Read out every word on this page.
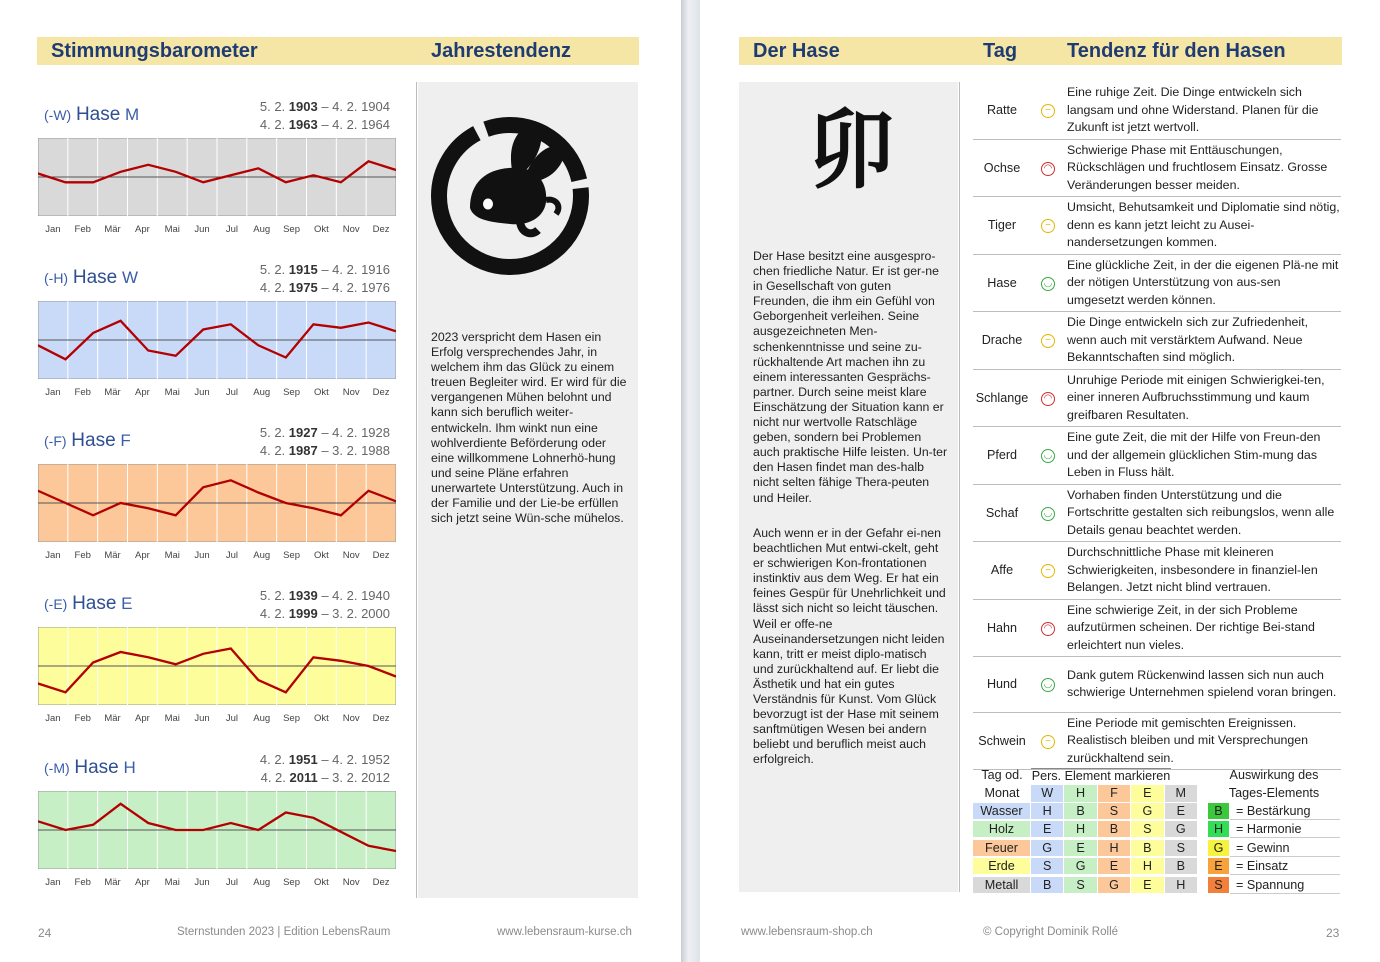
Stimmungsbarometer	Jahrestendenz
(-W) Hase M	5. 2. 1903 – 4. 2. 1904
4. 2. 1963 – 4. 2. 1964
Jan	Feb	Mär	Apr	Mai	Jun	Jul	Aug	Sep	Okt	Nov	Dez
(-H) Hase W	5. 2. 1915 – 4. 2. 1916
4. 2. 1975 – 4. 2. 1976
Jan	Feb	Mär	Apr	Mai	Jun	Jul	Aug	Sep	Okt	Nov	Dez
(-F) Hase F	5. 2. 1927 – 4. 2. 1928
4. 2. 1987 – 3. 2. 1988
Jan	Feb	Mär	Apr	Mai	Jun	Jul	Aug	Sep	Okt	Nov	Dez
(-E) Hase E	5. 2. 1939 – 4. 2. 1940
4. 2. 1999 – 3. 2. 2000
Jan	Feb	Mär	Apr	Mai	Jun	Jul	Aug	Sep	Okt	Nov	Dez
(-M) Hase H	4. 2. 1951 – 4. 2. 1952
4. 2. 2011 – 3. 2. 2012
Jan	Feb	Mär	Apr	Mai	Jun	Jul	Aug	Sep	Okt	Nov	Dez
2023 verspricht dem Hasen ein Erfolg versprechendes Jahr, in welchem ihm das Glück zu einem treuen Begleiter wird. Er wird für die vergangenen Mühen belohnt und kann sich beruflich weiter-entwickeln. Ihm winkt nun eine wohlverdiente Beförderung oder eine willkommene Lohnerhö-hung und seine Pläne erfahren unerwartete Unterstützung. Auch in der Familie und der Lie-be erfüllen sich jetzt seine Wün-sche mühelos.
24	Sternstunden 2023 | Edition LebensRaum	www.lebensraum-kurse.ch
Der Hase	Tag Tendenz für den Hasen
卯
Der Hase besitzt eine ausgespro-chen friedliche Natur. Er ist ger-ne in Gesellschaft von guten Freunden, die ihm ein Gefühl von Geborgenheit verleihen. Seine ausgezeichneten Men-schenkenntnisse und seine zu-rückhaltende Art machen ihn zu einem interessanten Gesprächs-partner. Durch seine meist klare Einschätzung der Situation kann er nicht nur wertvolle Ratschläge geben, sondern bei Problemen auch praktische Hilfe leisten. Un-ter den Hasen findet man des-halb nicht selten fähige Thera-peuten und Heiler.
Auch wenn er in der Gefahr ei-nen beachtlichen Mut entwi-ckelt, geht er schwierigen Kon-frontationen instinktiv aus dem Weg. Er hat ein feines Gespür für Unehrlichkeit und lässt sich nicht so leicht täuschen. Weil er offe-ne Auseinandersetzungen nicht leiden kann, tritt er meist diplo-matisch und zurückhaltend auf. Er liebt die Ästhetik und hat ein gutes Verständnis für Kunst. Vom Glück bevorzugt ist der Hase mit seinem sanftmütigen Wesen bei andern beliebt und beruflich meist auch erfolgreich.
www.lebensraum-shop.ch	© Copyright Dominik Rollé	23
Ratte	−	Eine ruhige Zeit. Die Dinge entwickeln sich langsam und ohne Widerstand. Planen für die Zukunft ist jetzt wertvoll.
Ochse	◠	Schwierige Phase mit Enttäuschungen, Rückschlägen und fruchtlosem Einsatz. Grosse Veränderungen besser meiden.
Tiger	−	Umsicht, Behutsamkeit und Diplomatie sind nötig, denn es kann jetzt leicht zu Ausei-nandersetzungen kommen.
Hase	◡	Eine glückliche Zeit, in der die eigenen Plä-ne mit der nötigen Unterstützung von aus-sen umgesetzt werden können.
Drache	−	Die Dinge entwickeln sich zur Zufriedenheit, wenn auch mit verstärktem Aufwand. Neue Bekanntschaften sind möglich.
Schlange	◠	Unruhige Periode mit einigen Schwierigkei-ten, einer inneren Aufbruchsstimmung und kaum greifbaren Resultaten.
Pferd	◡	Eine gute Zeit, die mit der Hilfe von Freun-den und der allgemein glücklichen Stim-mung das Leben in Fluss hält.
Schaf	◡	Vorhaben finden Unterstützung und die Fortschritte gestalten sich reibungslos, wenn alle Details genau beachtet werden.
Affe	−	Durchschnittliche Phase mit kleineren Schwierigkeiten, insbesondere in finanziel-len Belangen. Jetzt nicht blind vertrauen.
Hahn	◠	Eine schwierige Zeit, in der sich Probleme aufzutürmen scheinen. Der richtige Bei-stand erleichtert nun vieles.
Hund	◡	Dank gutem Rückenwind lassen sich nun auch schwierige Unternehmen spielend voran bringen.
Schwein	−	Eine Periode mit gemischten Ereignissen. Realistisch bleiben und mit Versprechungen zurückhaltend sein.
Tag od.
Monat
Pers. Element markieren
W	H	F	E	M
Wasser	H	B	S	G	E
Holz	E	H	B	S	G
Feuer	G	E	H	B	S
Erde	S	G	E	H	B
Metall	B	S	G	E	H
Auswirkung des
Tages-Elements
B	= Bestärkung
H	= Harmonie
G	= Gewinn
E	= Einsatz
S	= Spannung
